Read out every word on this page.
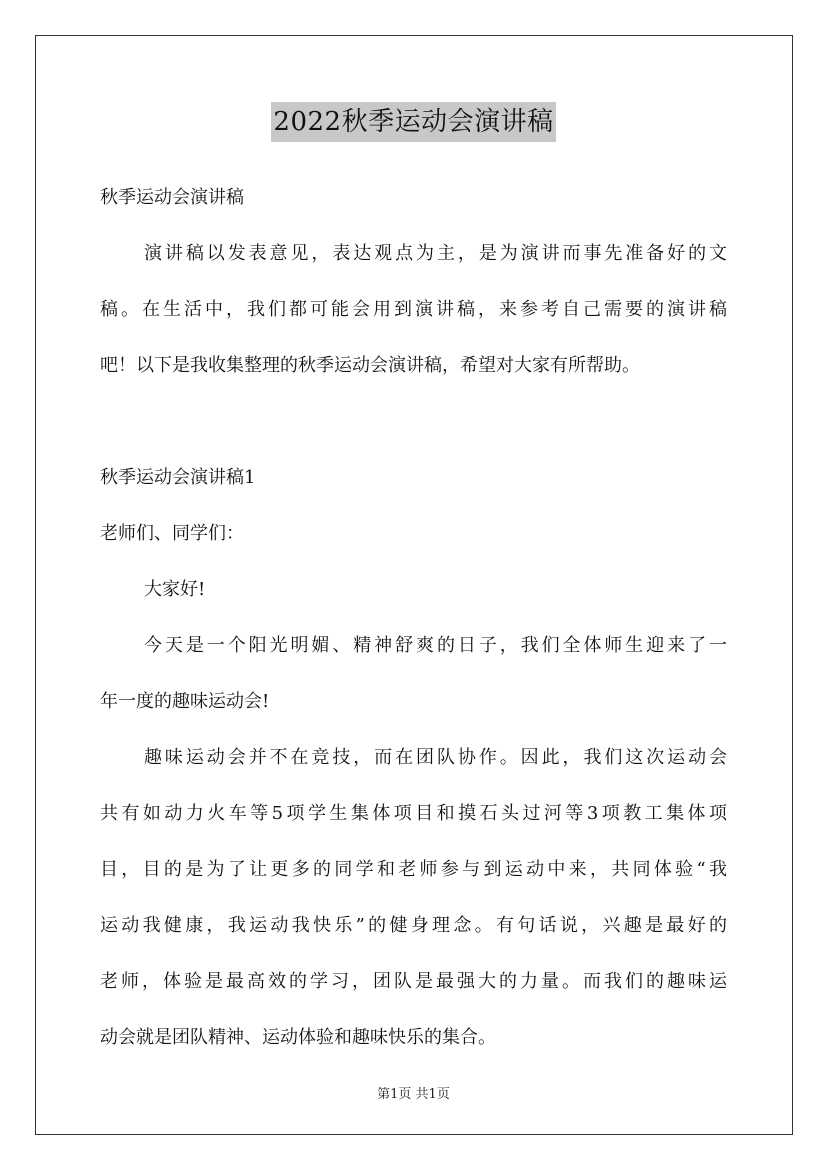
2022秋季运动会演讲稿
秋季运动会演讲稿
演讲稿以发表意见，表达观点为主，是为演讲而事先准备好的文
稿。在生活中，我们都可能会用到演讲稿，来参考自己需要的演讲稿
吧！以下是我收集整理的秋季运动会演讲稿，希望对大家有所帮助。
秋季运动会演讲稿1
老师们、同学们：
大家好!
今天是一个阳光明媚、精神舒爽的日子，我们全体师生迎来了一
年一度的趣味运动会!
趣味运动会并不在竞技，而在团队协作。因此，我们这次运动会
共有如动力火车等5项学生集体项目和摸石头过河等3项教工集体项
目，目的是为了让更多的同学和老师参与到运动中来，共同体验“我
运动我健康，我运动我快乐”的健身理念。有句话说，兴趣是最好的
老师，体验是最高效的学习，团队是最强大的力量。而我们的趣味运
动会就是团队精神、运动体验和趣味快乐的集合。
第1页 共1页
